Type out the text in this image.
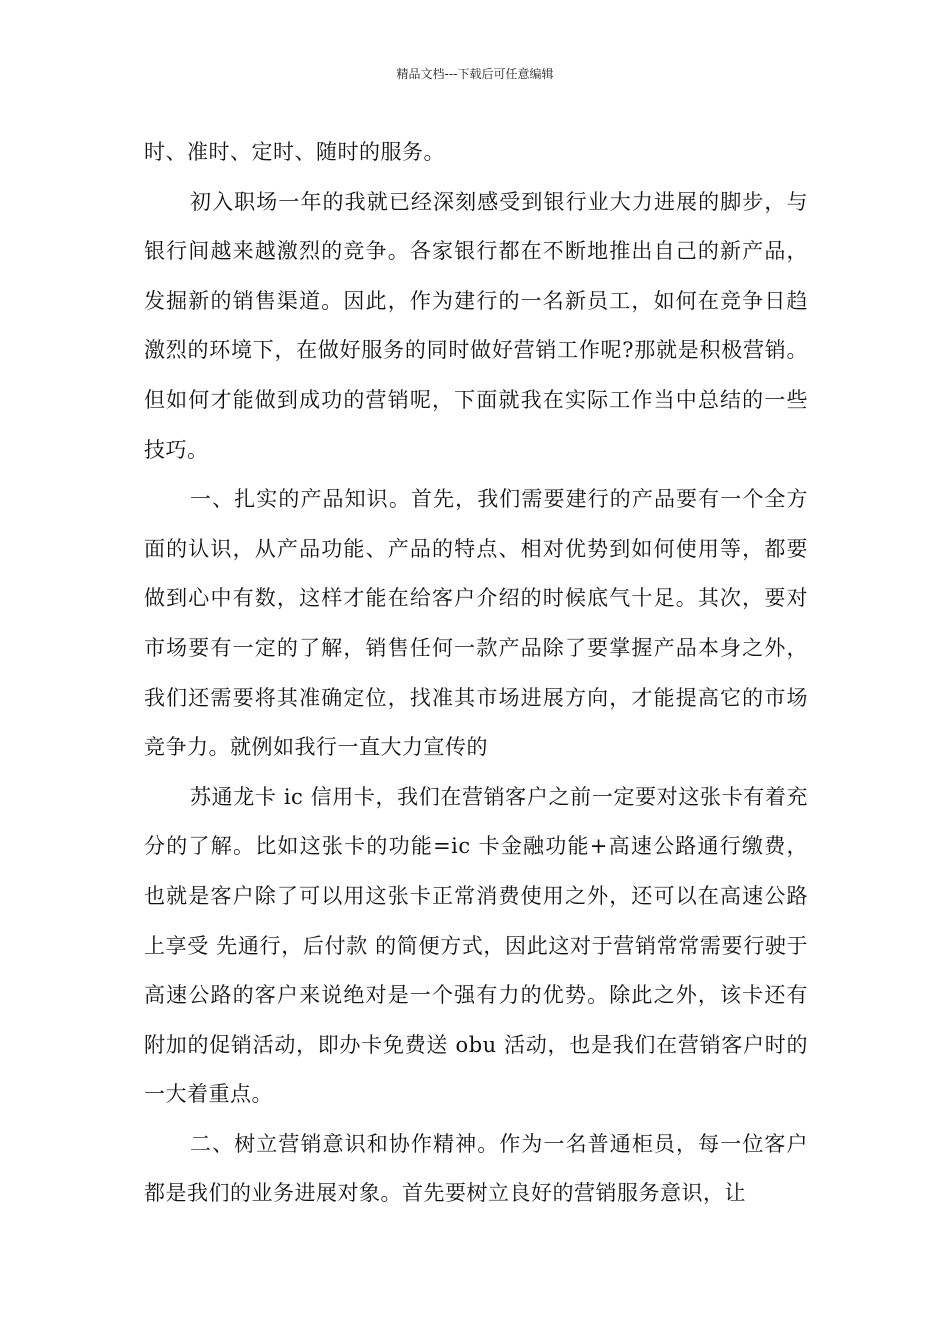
精品文档---下载后可任意编辑

时、准时、定时、随时的服务。

初入职场一年的我就已经深刻感受到银行业大力进展的脚步，与银行间越来越激烈的竞争。各家银行都在不断地推出自己的新产品，发掘新的销售渠道。因此，作为建行的一名新员工，如何在竞争日趋激烈的环境下，在做好服务的同时做好营销工作呢?那就是积极营销。但如何才能做到成功的营销呢，下面就我在实际工作当中总结的一些技巧。

一、扎实的产品知识。首先，我们需要建行的产品要有一个全方面的认识，从产品功能、产品的特点、相对优势到如何使用等，都要做到心中有数，这样才能在给客户介绍的时候底气十足。其次，要对市场要有一定的了解，销售任何一款产品除了要掌握产品本身之外，我们还需要将其准确定位，找准其市场进展方向，才能提高它的市场竞争力。就例如我行一直大力宣传的

苏通龙卡 ic 信用卡，我们在营销客户之前一定要对这张卡有着充分的了解。比如这张卡的功能=ic 卡金融功能+高速公路通行缴费，也就是客户除了可以用这张卡正常消费使用之外，还可以在高速公路上享受 先通行，后付款 的简便方式，因此这对于营销常常需要行驶于高速公路的客户来说绝对是一个强有力的优势。除此之外，该卡还有附加的促销活动，即办卡免费送 obu 活动，也是我们在营销客户时的一大着重点。

二、树立营销意识和协作精神。作为一名普通柜员，每一位客户都是我们的业务进展对象。首先要树立良好的营销服务意识，让
